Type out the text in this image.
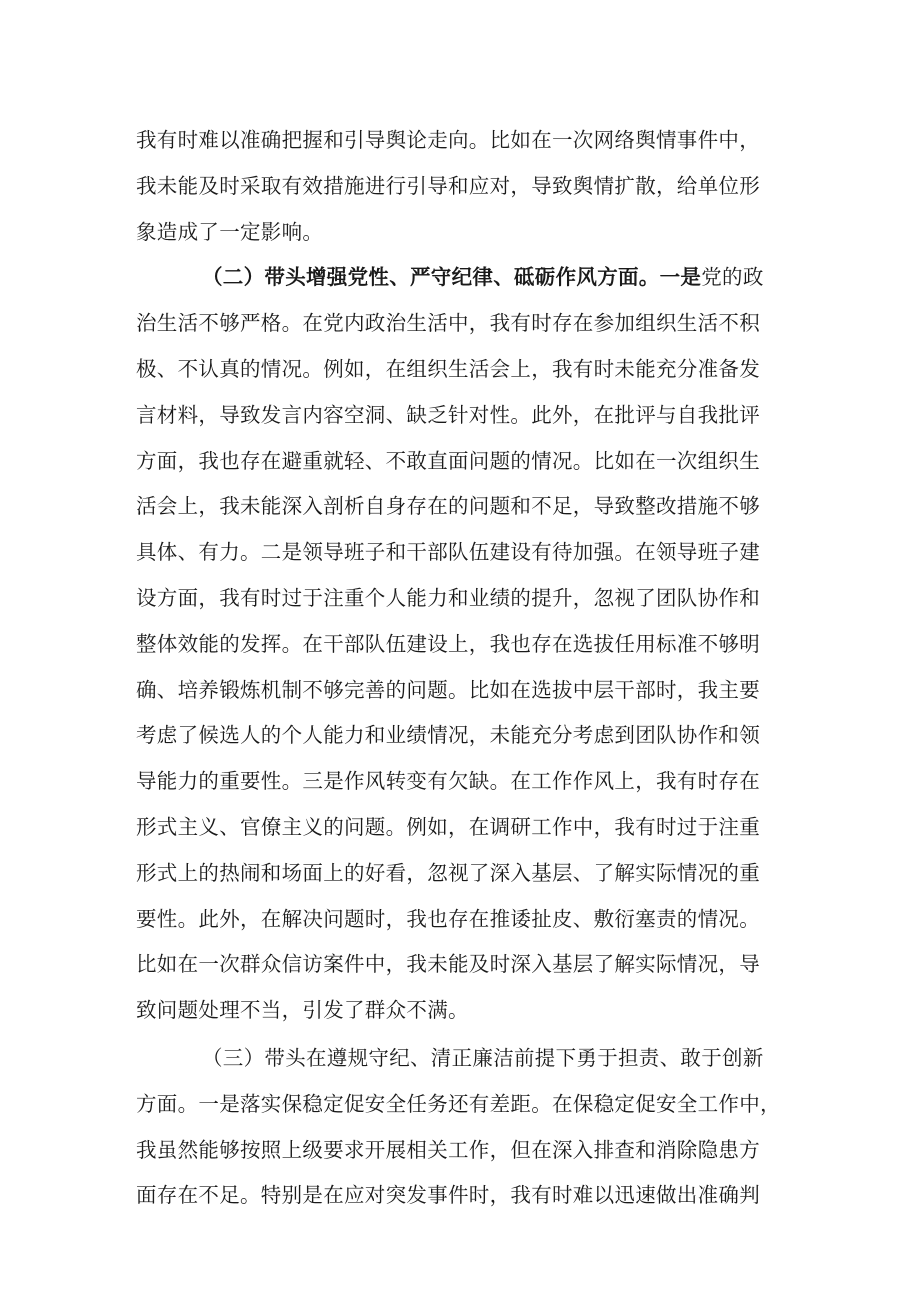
我有时难以准确把握和引导舆论走向。比如在一次网络舆情事件中，
我未能及时采取有效措施进行引导和应对，导致舆情扩散，给单位形
象造成了一定影响。
（二）带头增强党性、严守纪律、砥砺作风方面。一是党的政
治生活不够严格。在党内政治生活中，我有时存在参加组织生活不积
极、不认真的情况。例如，在组织生活会上，我有时未能充分准备发
言材料，导致发言内容空洞、缺乏针对性。此外，在批评与自我批评
方面，我也存在避重就轻、不敢直面问题的情况。比如在一次组织生
活会上，我未能深入剖析自身存在的问题和不足，导致整改措施不够
具体、有力。二是领导班子和干部队伍建设有待加强。在领导班子建
设方面，我有时过于注重个人能力和业绩的提升，忽视了团队协作和
整体效能的发挥。在干部队伍建设上，我也存在选拔任用标准不够明
确、培养锻炼机制不够完善的问题。比如在选拔中层干部时，我主要
考虑了候选人的个人能力和业绩情况，未能充分考虑到团队协作和领
导能力的重要性。三是作风转变有欠缺。在工作作风上，我有时存在
形式主义、官僚主义的问题。例如，在调研工作中，我有时过于注重
形式上的热闹和场面上的好看，忽视了深入基层、了解实际情况的重
要性。此外，在解决问题时，我也存在推诿扯皮、敷衍塞责的情况。
比如在一次群众信访案件中，我未能及时深入基层了解实际情况，导
致问题处理不当，引发了群众不满。
（三）带头在遵规守纪、清正廉洁前提下勇于担责、敢于创新
方面。一是落实保稳定促安全任务还有差距。在保稳定促安全工作中，
我虽然能够按照上级要求开展相关工作，但在深入排查和消除隐患方
面存在不足。特别是在应对突发事件时，我有时难以迅速做出准确判
